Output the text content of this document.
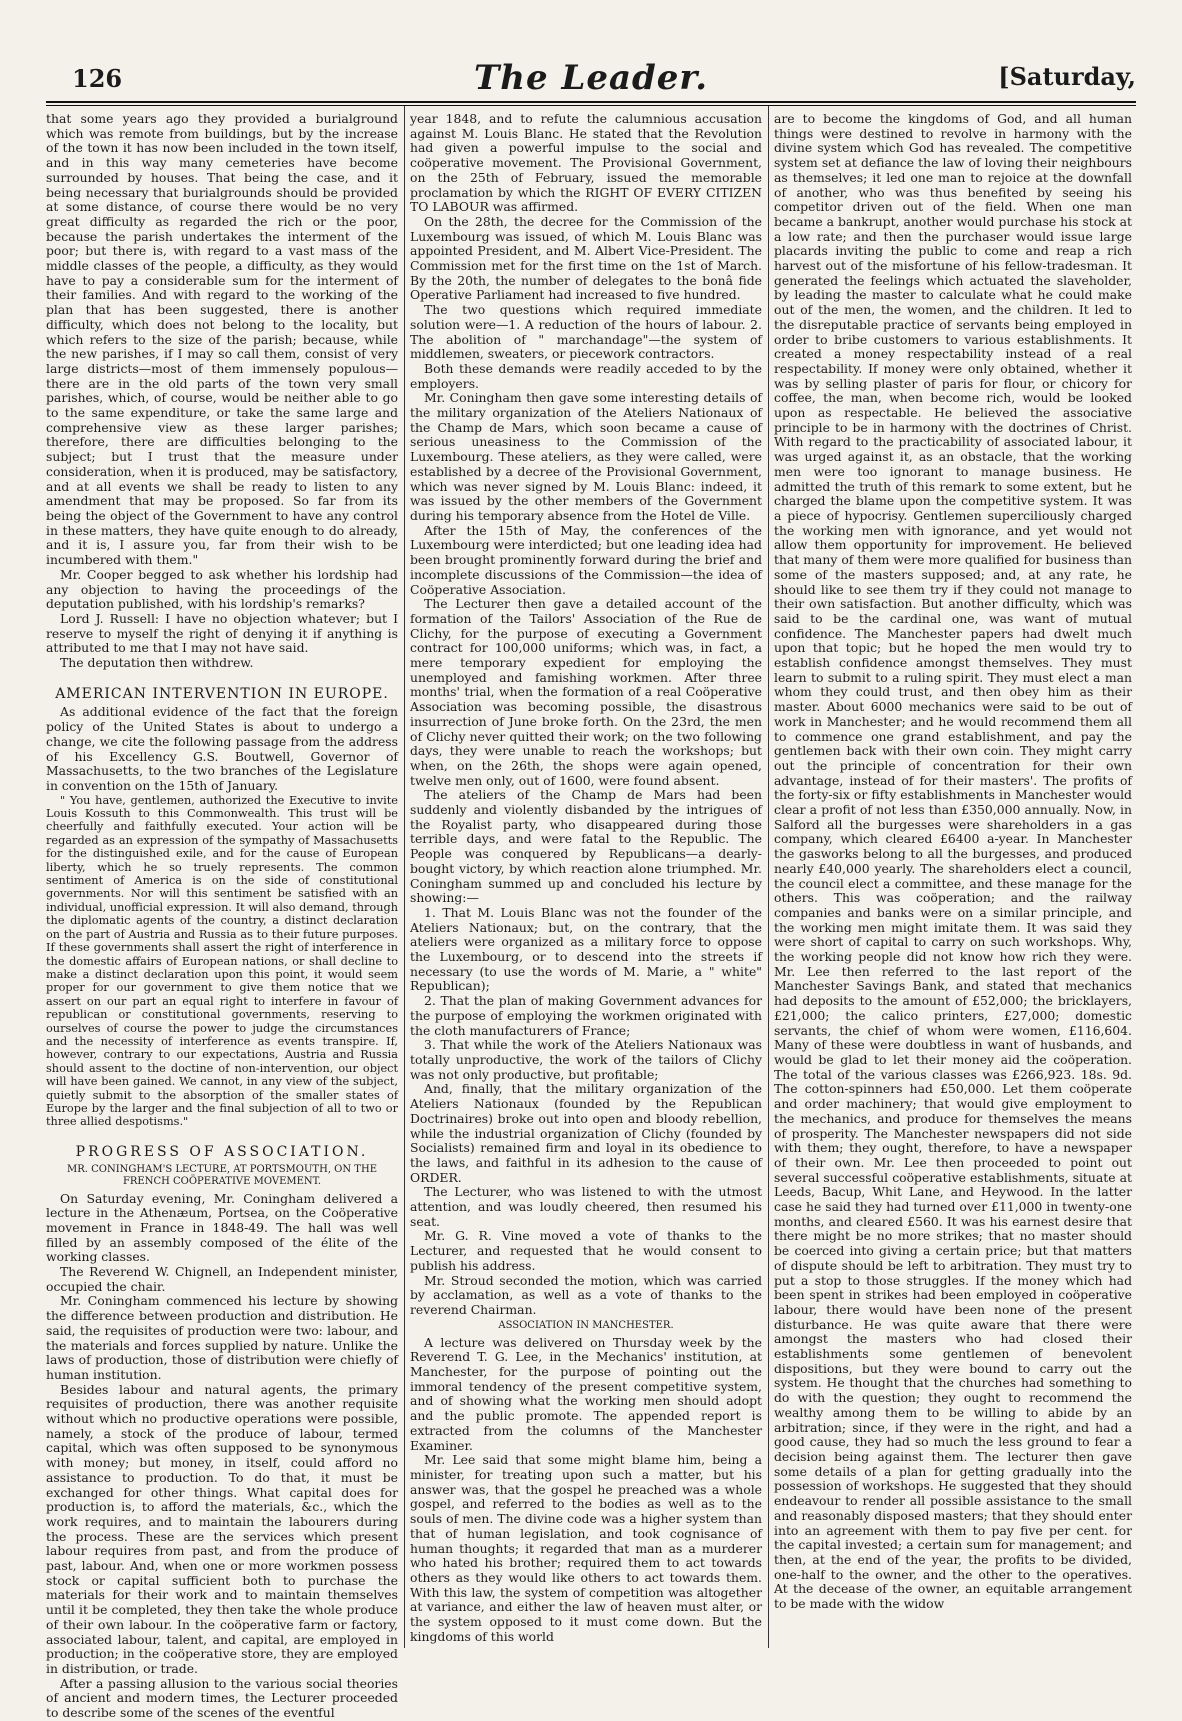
126	The Leader.	[Saturday,

that some years ago they provided a burialground which was remote from buildings, but by the increase of the town it has now been included in the town itself, and in this way many cemeteries have become surrounded by houses. That being the case, and it being necessary that burialgrounds should be provided at some distance, of course there would be no very great difficulty as regarded the rich or the poor, because the parish undertakes the interment of the poor; but there is, with regard to a vast mass of the middle classes of the people, a difficulty, as they would have to pay a considerable sum for the interment of their families. And with regard to the working of the plan that has been suggested, there is another difficulty, which does not belong to the locality, but which refers to the size of the parish; because, while the new parishes, if I may so call them, consist of very large districts—most of them immensely populous—there are in the old parts of the town very small parishes, which, of course, would be neither able to go to the same expenditure, or take the same large and comprehensive view as these larger parishes; therefore, there are difficulties belonging to the subject; but I trust that the measure under consideration, when it is produced, may be satisfactory, and at all events we shall be ready to listen to any amendment that may be proposed. So far from its being the object of the Government to have any control in these matters, they have quite enough to do already, and it is, I assure you, far from their wish to be incumbered with them."

Mr. Cooper begged to ask whether his lordship had any objection to having the proceedings of the deputation published, with his lordship's remarks?

Lord J. Russell: I have no objection whatever; but I reserve to myself the right of denying it if anything is attributed to me that I may not have said.

The deputation then withdrew.

AMERICAN INTERVENTION IN EUROPE.

As additional evidence of the fact that the foreign policy of the United States is about to undergo a change, we cite the following passage from the address of his Excellency G.S. Boutwell, Governor of Massachusetts, to the two branches of the Legislature in convention on the 15th of January.

" You have, gentlemen, authorized the Executive to invite Louis Kossuth to this Commonwealth. This trust will be cheerfully and faithfully executed. Your action will be regarded as an expression of the sympathy of Massachusetts for the distinguished exile, and for the cause of European liberty, which he so truely represents. The common sentiment of America is on the side of constitutional governments. Nor will this sentiment be satisfied with an individual, unofficial expression. It will also demand, through the diplomatic agents of the country, a distinct declaration on the part of Austria and Russia as to their future purposes. If these governments shall assert the right of interference in the domestic affairs of European nations, or shall decline to make a distinct declaration upon this point, it would seem proper for our government to give them notice that we assert on our part an equal right to interfere in favour of republican or constitutional governments, reserving to ourselves of course the power to judge the circumstances and the necessity of interference as events transpire. If, however, contrary to our expectations, Austria and Russia should assent to the doctine of non-intervention, our object will have been gained. We cannot, in any view of the subject, quietly submit to the absorption of the smaller states of Europe by the larger and the final subjection of all to two or three allied despotisms."

PROGRESS OF ASSOCIATION.
MR. CONINGHAM'S LECTURE, AT PORTSMOUTH, ON THE FRENCH COÖPERATIVE MOVEMENT.

On Saturday evening, Mr. Coningham delivered a lecture in the Athenæum, Portsea, on the Coöperative movement in France in 1848-49. The hall was well filled by an assembly composed of the élite of the working classes.

The Reverend W. Chignell, an Independent minister, occupied the chair.

Mr. Coningham commenced his lecture by showing the difference between production and distribution. He said, the requisites of production were two: labour, and the materials and forces supplied by nature. Unlike the laws of production, those of distribution were chiefly of human institution.

Besides labour and natural agents, the primary requisites of production, there was another requisite without which no productive operations were possible, namely, a stock of the produce of labour, termed capital, which was often supposed to be synonymous with money; but money, in itself, could afford no assistance to production. To do that, it must be exchanged for other things. What capital does for production is, to afford the materials, &c., which the work requires, and to maintain the labourers during the process. These are the services which present labour requires from past, and from the produce of past, labour. And, when one or more workmen possess stock or capital sufficient both to purchase the materials for their work and to maintain themselves until it be completed, they then take the whole produce of their own labour. In the coöperative farm or factory, associated labour, talent, and capital, are employed in production; in the coöperative store, they are employed in distribution, or trade.

After a passing allusion to the various social theories of ancient and modern times, the Lecturer proceeded to describe some of the scenes of the eventful

year 1848, and to refute the calumnious accusation against M. Louis Blanc. He stated that the Revolution had given a powerful impulse to the social and coöperative movement. The Provisional Government, on the 25th of February, issued the memorable proclamation by which the RIGHT OF EVERY CITIZEN TO LABOUR was affirmed.

On the 28th, the decree for the Commission of the Luxembourg was issued, of which M. Louis Blanc was appointed President, and M. Albert Vice-President. The Commission met for the first time on the 1st of March. By the 20th, the number of delegates to the bonâ fide Operative Parliament had increased to five hundred.

The two questions which required immediate solution were—1. A reduction of the hours of labour. 2. The abolition of " marchandage"—the system of middlemen, sweaters, or piecework contractors.

Both these demands were readily acceded to by the employers.

Mr. Coningham then gave some interesting details of the military organization of the Ateliers Nationaux of the Champ de Mars, which soon became a cause of serious uneasiness to the Commission of the Luxembourg. These ateliers, as they were called, were established by a decree of the Provisional Government, which was never signed by M. Louis Blanc: indeed, it was issued by the other members of the Government during his temporary absence from the Hotel de Ville.

After the 15th of May, the conferences of the Luxembourg were interdicted; but one leading idea had been brought prominently forward during the brief and incomplete discussions of the Commission—the idea of Coöperative Association.

The Lecturer then gave a detailed account of the formation of the Tailors' Association of the Rue de Clichy, for the purpose of executing a Government contract for 100,000 uniforms; which was, in fact, a mere temporary expedient for employing the unemployed and famishing workmen. After three months' trial, when the formation of a real Coöperative Association was becoming possible, the disastrous insurrection of June broke forth. On the 23rd, the men of Clichy never quitted their work; on the two following days, they were unable to reach the workshops; but when, on the 26th, the shops were again opened, twelve men only, out of 1600, were found absent.

The ateliers of the Champ de Mars had been suddenly and violently disbanded by the intrigues of the Royalist party, who disappeared during those terrible days, and were fatal to the Republic. The People was conquered by Republicans—a dearly-bought victory, by which reaction alone triumphed. Mr. Coningham summed up and concluded his lecture by showing:—

1. That M. Louis Blanc was not the founder of the Ateliers Nationaux; but, on the contrary, that the ateliers were organized as a military force to oppose the Luxembourg, or to descend into the streets if necessary (to use the words of M. Marie, a " white" Republican);

2. That the plan of making Government advances for the purpose of employing the workmen originated with the cloth manufacturers of France;

3. That while the work of the Ateliers Nationaux was totally unproductive, the work of the tailors of Clichy was not only productive, but profitable;

And, finally, that the military organization of the Ateliers Nationaux (founded by the Republican Doctrinaires) broke out into open and bloody rebellion, while the industrial organization of Clichy (founded by Socialists) remained firm and loyal in its obedience to the laws, and faithful in its adhesion to the cause of ORDER.

The Lecturer, who was listened to with the utmost attention, and was loudly cheered, then resumed his seat.

Mr. G. R. Vine moved a vote of thanks to the Lecturer, and requested that he would consent to publish his address.

Mr. Stroud seconded the motion, which was carried by acclamation, as well as a vote of thanks to the reverend Chairman.

ASSOCIATION IN MANCHESTER.

A lecture was delivered on Thursday week by the Reverend T. G. Lee, in the Mechanics' institution, at Manchester, for the purpose of pointing out the immoral tendency of the present competitive system, and of showing what the working men should adopt and the public promote. The appended report is extracted from the columns of the Manchester Examiner.

Mr. Lee said that some might blame him, being a minister, for treating upon such a matter, but his answer was, that the gospel he preached was a whole gospel, and referred to the bodies as well as to the souls of men. The divine code was a higher system than that of human legislation, and took cognisance of human thoughts; it regarded that man as a murderer who hated his brother; required them to act towards others as they would like others to act towards them. With this law, the system of competition was altogether at variance, and either the law of heaven must alter, or the system opposed to it must come down. But the kingdoms of this world

are to become the kingdoms of God, and all human things were destined to revolve in harmony with the divine system which God has revealed. The competitive system set at defiance the law of loving their neighbours as themselves; it led one man to rejoice at the downfall of another, who was thus benefited by seeing his competitor driven out of the field. When one man became a bankrupt, another would purchase his stock at a low rate; and then the purchaser would issue large placards inviting the public to come and reap a rich harvest out of the misfortune of his fellow-tradesman. It generated the feelings which actuated the slaveholder, by leading the master to calculate what he could make out of the men, the women, and the children. It led to the disreputable practice of servants being employed in order to bribe customers to various establishments. It created a money respectability instead of a real respectability. If money were only obtained, whether it was by selling plaster of paris for flour, or chicory for coffee, the man, when become rich, would be looked upon as respectable. He believed the associative principle to be in harmony with the doctrines of Christ. With regard to the practicability of associated labour, it was urged against it, as an obstacle, that the working men were too ignorant to manage business. He admitted the truth of this remark to some extent, but he charged the blame upon the competitive system. It was a piece of hypocrisy. Gentlemen superciliously charged the working men with ignorance, and yet would not allow them opportunity for improvement. He believed that many of them were more qualified for business than some of the masters supposed; and, at any rate, he should like to see them try if they could not manage to their own satisfaction. But another difficulty, which was said to be the cardinal one, was want of mutual confidence. The Manchester papers had dwelt much upon that topic; but he hoped the men would try to establish confidence amongst themselves. They must learn to submit to a ruling spirit. They must elect a man whom they could trust, and then obey him as their master. About 6000 mechanics were said to be out of work in Manchester; and he would recommend them all to commence one grand establishment, and pay the gentlemen back with their own coin. They might carry out the principle of concentration for their own advantage, instead of for their masters'. The profits of the forty-six or fifty establishments in Manchester would clear a profit of not less than £350,000 annually. Now, in Salford all the burgesses were shareholders in a gas company, which cleared £6400 a-year. In Manchester the gasworks belong to all the burgesses, and produced nearly £40,000 yearly. The shareholders elect a council, the council elect a committee, and these manage for the others. This was coöperation; and the railway companies and banks were on a similar principle, and the working men might imitate them. It was said they were short of capital to carry on such workshops. Why, the working people did not know how rich they were. Mr. Lee then referred to the last report of the Manchester Savings Bank, and stated that mechanics had deposits to the amount of £52,000; the bricklayers, £21,000; the calico printers, £27,000; domestic servants, the chief of whom were women, £116,604. Many of these were doubtless in want of husbands, and would be glad to let their money aid the coöperation. The total of the various classes was £266,923. 18s. 9d. The cotton-spinners had £50,000. Let them coöperate and order machinery; that would give employment to the mechanics, and produce for themselves the means of prosperity. The Manchester newspapers did not side with them; they ought, therefore, to have a newspaper of their own. Mr. Lee then proceeded to point out several successful coöperative establishments, situate at Leeds, Bacup, Whit Lane, and Heywood. In the latter case he said they had turned over £11,000 in twenty-one months, and cleared £560. It was his earnest desire that there might be no more strikes; that no master should be coerced into giving a certain price; but that matters of dispute should be left to arbitration. They must try to put a stop to those struggles. If the money which had been spent in strikes had been employed in coöperative labour, there would have been none of the present disturbance. He was quite aware that there were amongst the masters who had closed their establishments some gentlemen of benevolent dispositions, but they were bound to carry out the system. He thought that the churches had something to do with the question; they ought to recommend the wealthy among them to be willing to abide by an arbitration; since, if they were in the right, and had a good cause, they had so much the less ground to fear a decision being against them. The lecturer then gave some details of a plan for getting gradually into the possession of workshops. He suggested that they should endeavour to render all possible assistance to the small and reasonably disposed masters; that they should enter into an agreement with them to pay five per cent. for the capital invested; a certain sum for management; and then, at the end of the year, the profits to be divided, one-half to the owner, and the other to the operatives. At the decease of the owner, an equitable arrangement to be made with the widow
